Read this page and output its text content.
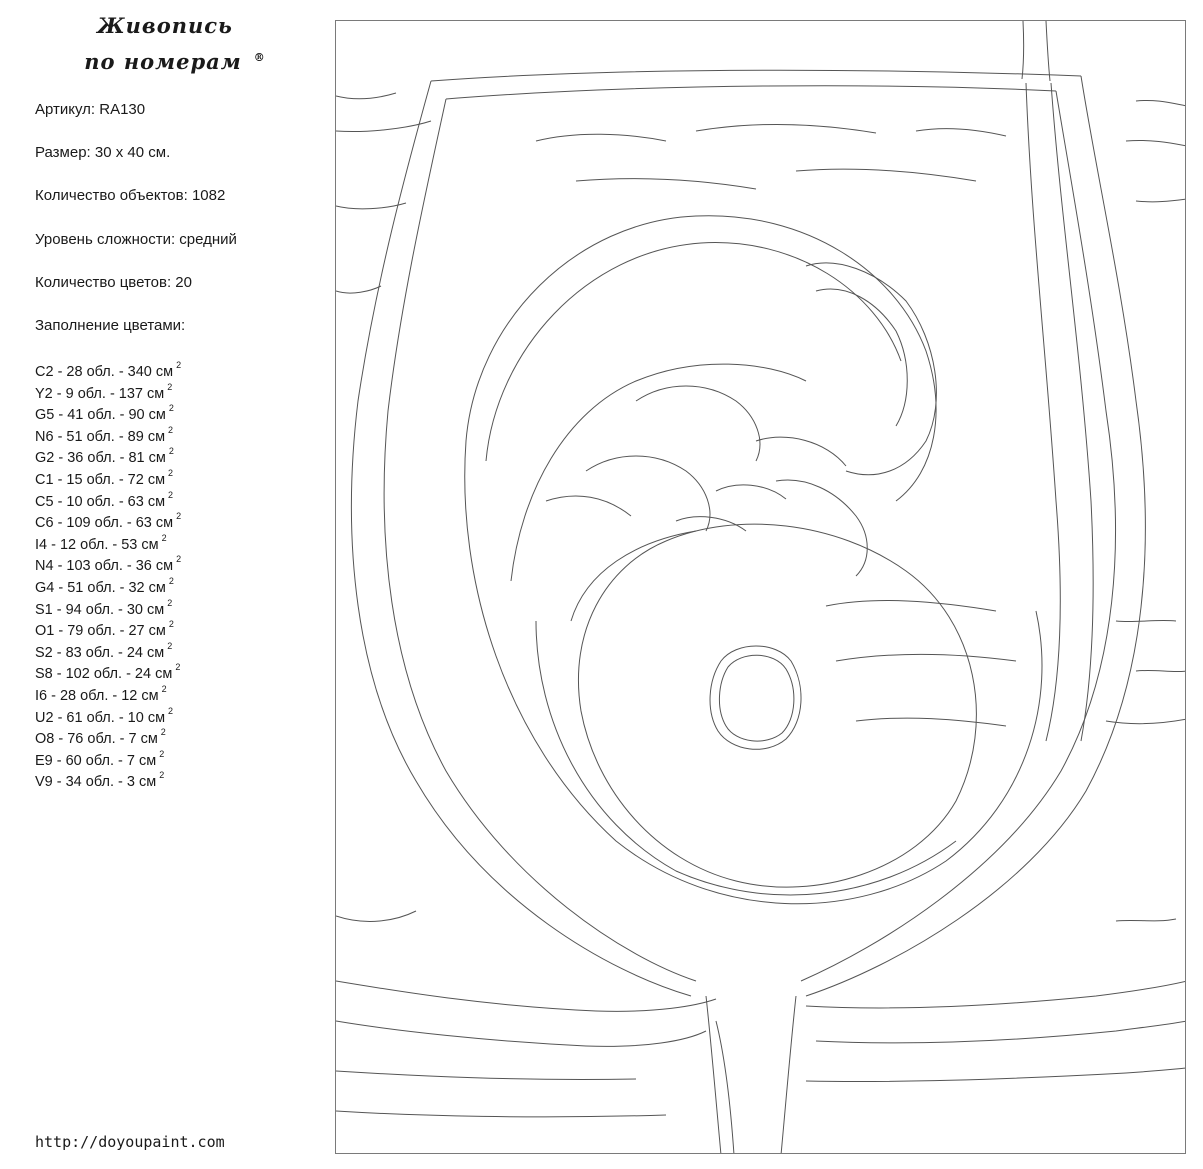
Живопись
по номерам ®
Артикул: RA130
Размер: 30 х 40 см.
Количество объектов: 1082
Уровень сложности: средний
Количество цветов: 20
Заполнение цветами:
C2 - 28 обл. - 340 см $^2$
Y2 - 9 обл. - 137 см $^2$
G5 - 41 обл. - 90 см $^2$
N6 - 51 обл. - 89 см $^2$
G2 - 36 обл. - 81 см $^2$
C1 - 15 обл. - 72 см $^2$
C5 - 10 обл. - 63 см $^2$
C6 - 109 обл. - 63 см $^2$
I4 - 12 обл. - 53 см $^2$
N4 - 103 обл. - 36 см $^2$
G4 - 51 обл. - 32 см $^2$
S1 - 94 обл. - 30 см $^2$
O1 - 79 обл. - 27 см $^2$
S2 - 83 обл. - 24 см $^2$
S8 - 102 обл. - 24 см $^2$
I6 - 28 обл. - 12 см $^2$
U2 - 61 обл. - 10 см $^2$
O8 - 76 обл. - 7 см $^2$
E9 - 60 обл. - 7 см $^2$
V9 - 34 обл. - 3 см $^2$
http://doyoupaint.com
